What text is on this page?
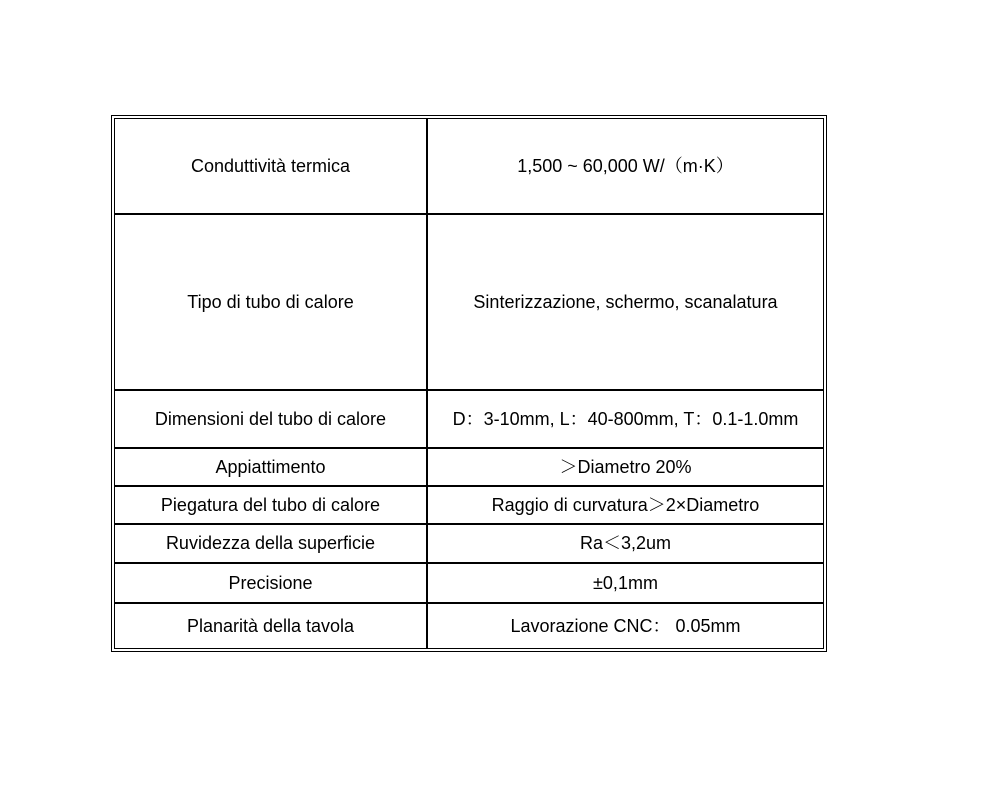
Conduttività termica	1,500 ~ 60,000 W/（m·K）
Tipo di tubo di calore	Sinterizzazione, schermo, scanalatura
Dimensioni del tubo di calore	D：3-10mm, L：40-800mm, T：0.1-1.0mm
Appiattimento	＞Diametro 20%
Piegatura del tubo di calore	Raggio di curvatura＞2×Diametro
Ruvidezza della superficie	Ra＜3,2um
Precisione	±0,1mm
Planarità della tavola	Lavorazione CNC： 0.05mm
